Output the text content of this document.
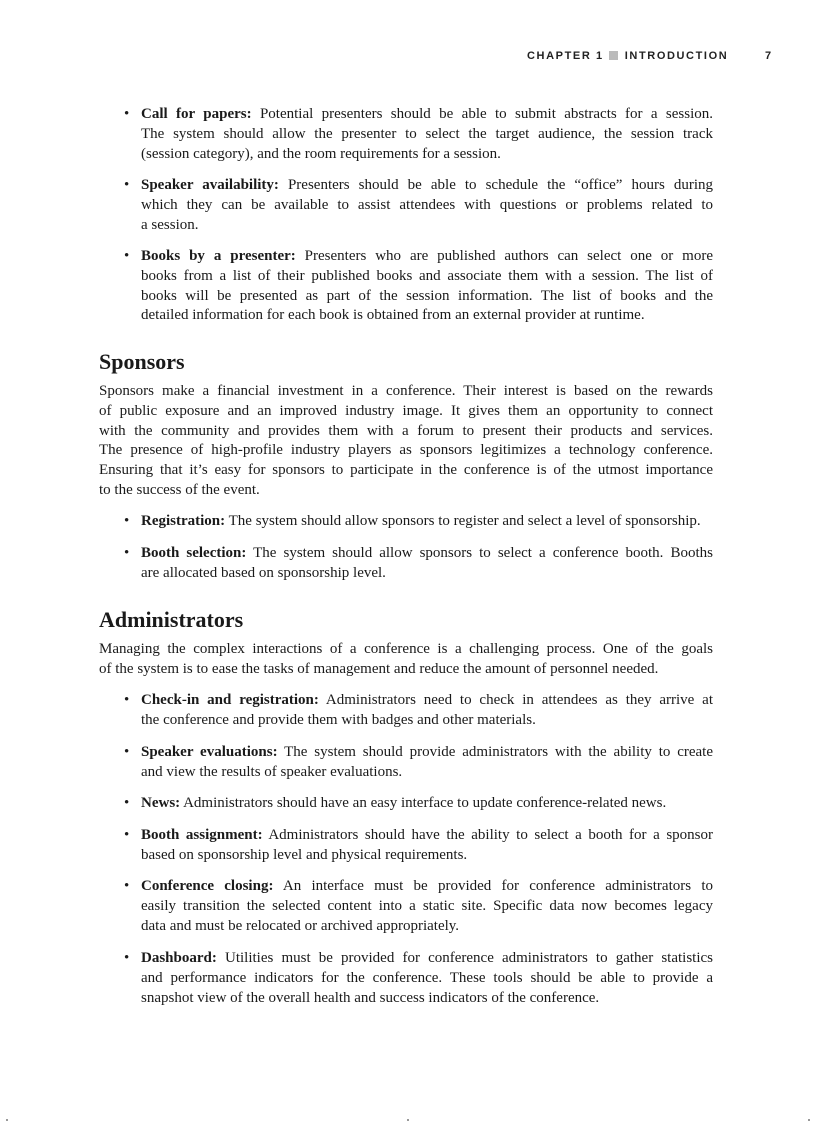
CHAPTER 1 INTRODUCTION	7
• Call for papers: Potential presenters should be able to submit abstracts for a session.
The system should allow the presenter to select the target audience, the session track
(session category), and the room requirements for a session.
• Speaker availability: Presenters should be able to schedule the “office” hours during
which they can be available to assist attendees with questions or problems related to
a session.
• Books by a presenter: Presenters who are published authors can select one or more
books from a list of their published books and associate them with a session. The list of
books will be presented as part of the session information. The list of books and the
detailed information for each book is obtained from an external provider at runtime.
Sponsors
Sponsors make a financial investment in a conference. Their interest is based on the rewards
of public exposure and an improved industry image. It gives them an opportunity to connect
with the community and provides them with a forum to present their products and services.
The presence of high-profile industry players as sponsors legitimizes a technology conference.
Ensuring that it’s easy for sponsors to participate in the conference is of the utmost importance
to the success of the event.
• Registration: The system should allow sponsors to register and select a level of sponsorship.
• Booth selection: The system should allow sponsors to select a conference booth. Booths
are allocated based on sponsorship level.
Administrators
Managing the complex interactions of a conference is a challenging process. One of the goals
of the system is to ease the tasks of management and reduce the amount of personnel needed.
• Check-in and registration: Administrators need to check in attendees as they arrive at
the conference and provide them with badges and other materials.
• Speaker evaluations: The system should provide administrators with the ability to create
and view the results of speaker evaluations.
• News: Administrators should have an easy interface to update conference-related news.
• Booth assignment: Administrators should have the ability to select a booth for a sponsor
based on sponsorship level and physical requirements.
• Conference closing: An interface must be provided for conference administrators to
easily transition the selected content into a static site. Specific data now becomes legacy
data and must be relocated or archived appropriately.
• Dashboard: Utilities must be provided for conference administrators to gather statistics
and performance indicators for the conference. These tools should be able to provide a
snapshot view of the overall health and success indicators of the conference.
